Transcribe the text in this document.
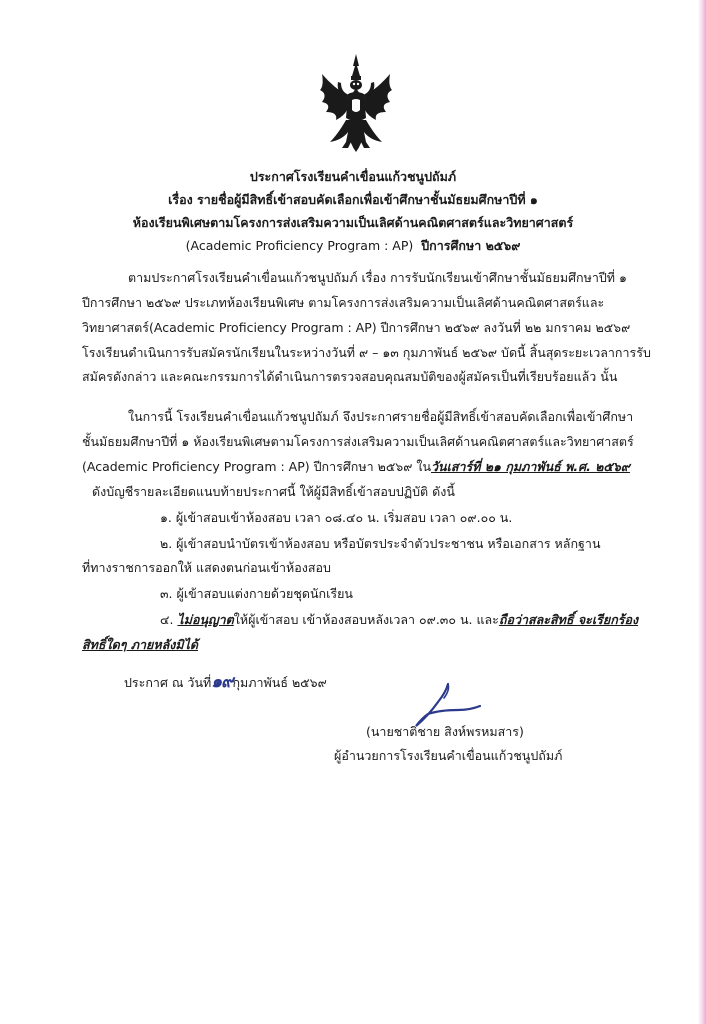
ประกาศโรงเรียนคำเขื่อนแก้วชนูปถัมภ์
เรื่อง รายชื่อผู้มีสิทธิ์เข้าสอบคัดเลือกเพื่อเข้าศึกษาชั้นมัธยมศึกษาปีที่ ๑
ห้องเรียนพิเศษตามโครงการส่งเสริมความเป็นเลิศด้านคณิตศาสตร์และวิทยาศาสตร์
(Academic Proficiency Program : AP) ปีการศึกษา ๒๕๖๙
ตามประกาศโรงเรียนคำเขื่อนแก้วชนูปถัมภ์ เรื่อง การรับนักเรียนเข้าศึกษาชั้นมัธยมศึกษาปีที่ ๑
ปีการศึกษา ๒๕๖๙ ประเภทห้องเรียนพิเศษ ตามโครงการส่งเสริมความเป็นเลิศด้านคณิตศาสตร์และ
วิทยาศาสตร์(Academic Proficiency Program : AP) ปีการศึกษา ๒๕๖๙ ลงวันที่ ๒๒ มกราคม ๒๕๖๙
โรงเรียนดำเนินการรับสมัครนักเรียนในระหว่างวันที่ ๙ – ๑๓ กุมภาพันธ์ ๒๕๖๙ บัดนี้ สิ้นสุดระยะเวลาการรับ
สมัครดังกล่าว และคณะกรรมการได้ดำเนินการตรวจสอบคุณสมบัติของผู้สมัครเป็นที่เรียบร้อยแล้ว นั้น
ในการนี้ โรงเรียนคำเขื่อนแก้วชนูปถัมภ์ จึงประกาศรายชื่อผู้มีสิทธิ์เข้าสอบคัดเลือกเพื่อเข้าศึกษา
ชั้นมัธยมศึกษาปีที่ ๑ ห้องเรียนพิเศษตามโครงการส่งเสริมความเป็นเลิศด้านคณิตศาสตร์และวิทยาศาสตร์
(Academic Proficiency Program : AP) ปีการศึกษา ๒๕๖๙ ในวันเสาร์ที่ ๒๑ กุมภาพันธ์ พ.ศ. ๒๕๖๙
ดังบัญชีรายละเอียดแนบท้ายประกาศนี้ ให้ผู้มีสิทธิ์เข้าสอบปฏิบัติ ดังนี้
๑. ผู้เข้าสอบเข้าห้องสอบ เวลา ๐๘.๔๐ น. เริ่มสอบ เวลา ๐๙.๐๐ น.
๒. ผู้เข้าสอบนำบัตรเข้าห้องสอบ หรือบัตรประจำตัวประชาชน หรือเอกสาร หลักฐาน
ที่ทางราชการออกให้ แสดงตนก่อนเข้าห้องสอบ
๓. ผู้เข้าสอบแต่งกายด้วยชุดนักเรียน
๔. ไม่อนุญาตให้ผู้เข้าสอบ เข้าห้องสอบหลังเวลา ๐๙.๓๐ น. และถือว่าสละสิทธิ์ จะเรียกร้อง
สิทธิ์ใดๆ ภายหลังมิได้
ประกาศ ณ วันที่๑๙กุมภาพันธ์ ๒๕๖๙
(นายชาติชาย สิงห์พรหมสาร)
ผู้อำนวยการโรงเรียนคำเขื่อนแก้วชนูปถัมภ์
